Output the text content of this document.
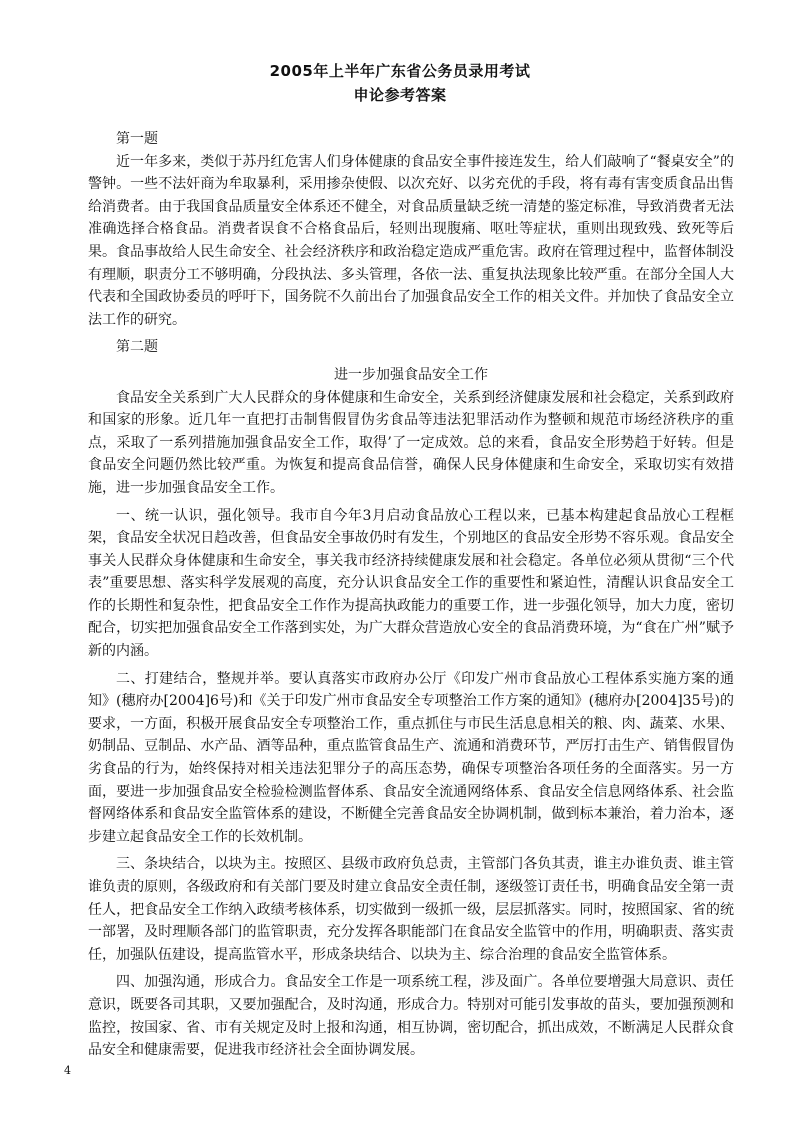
2005年上半年广东省公务员录用考试
申论参考答案

第一题

近一年多来，类似于苏丹红危害人们身体健康的食品安全事件接连发生，给人们敲响了“餐桌安全”的警钟。一些不法奸商为牟取暴利，采用掺杂使假、以次充好、以劣充优的手段，将有毒有害变质食品出售给消费者。由于我国食品质量安全体系还不健全，对食品质量缺乏统一清楚的鉴定标准，导致消费者无法准确选择合格食品。消费者误食不合格食品后，轻则出现腹痛、呕吐等症状，重则出现致残、致死等后果。食品事故给人民生命安全、社会经济秩序和政治稳定造成严重危害。政府在管理过程中，监督体制没有理顺，职责分工不够明确，分段执法、多头管理，各依一法、重复执法现象比较严重。在部分全国人大代表和全国政协委员的呼吁下，国务院不久前出台了加强食品安全工作的相关文件。并加快了食品安全立法工作的研究。

第二题

进一步加强食品安全工作

食品安全关系到广大人民群众的身体健康和生命安全，关系到经济健康发展和社会稳定，关系到政府和国家的形象。近几年一直把打击制售假冒伪劣食品等违法犯罪活动作为整顿和规范市场经济秩序的重点，采取了一系列措施加强食品安全工作，取得’了一定成效。总的来看，食品安全形势趋于好转。但是食品安全问题仍然比较严重。为恢复和提高食品信誉，确保人民身体健康和生命安全，采取切实有效措施，进一步加强食品安全工作。

一、统一认识，强化领导。我市自今年3月启动食品放心工程以来，已基本构建起食品放心工程框架，食品安全状况日趋改善，但食品安全事故仍时有发生，个别地区的食品安全形势不容乐观。食品安全事关人民群众身体健康和生命安全，事关我市经济持续健康发展和社会稳定。各单位必须从贯彻“三个代表”重要思想、落实科学发展观的高度，充分认识食品安全工作的重要性和紧迫性，清醒认识食品安全工作的长期性和复杂性，把食品安全工作作为提高执政能力的重要工作，进一步强化领导，加大力度，密切配合，切实把加强食品安全工作落到实处，为广大群众营造放心安全的食品消费环境，为“食在广州”赋予新的内涵。

二、打建结合，整规并举。要认真落实市政府办公厅《印发广州市食品放心工程体系实施方案的通知》(穗府办[2004]6号)和《关于印发广州市食品安全专项整治工作方案的通知》(穗府办[2004]35号)的要求，一方面，积极开展食品安全专项整治工作，重点抓住与市民生活息息相关的粮、肉、蔬菜、水果、奶制品、豆制品、水产品、酒等品种，重点监管食品生产、流通和消费环节，严厉打击生产、销售假冒伪劣食品的行为，始终保持对相关违法犯罪分子的高压态势，确保专项整治各项任务的全面落实。另一方面，要进一步加强食品安全检验检测监督体系、食品安全流通网络体系、食品安全信息网络体系、社会监督网络体系和食品安全监管体系的建设，不断健全完善食品安全协调机制，做到标本兼治，着力治本，逐步建立起食品安全工作的长效机制。

三、条块结合，以块为主。按照区、县级市政府负总责，主管部门各负其责，谁主办谁负责、谁主管谁负责的原则，各级政府和有关部门要及时建立食品安全责任制，逐级签订责任书，明确食品安全第一责任人，把食品安全工作纳入政绩考核体系，切实做到一级抓一级，层层抓落实。同时，按照国家、省的统一部署，及时理顺各部门的监管职责，充分发挥各职能部门在食品安全监管中的作用，明确职责、落实责任，加强队伍建设，提高监管水平，形成条块结合、以块为主、综合治理的食品安全监管体系。

四、加强沟通，形成合力。食品安全工作是一项系统工程，涉及面广。各单位要增强大局意识、责任意识，既要各司其职，又要加强配合，及时沟通，形成合力。特别对可能引发事故的苗头，要加强预测和监控，按国家、省、市有关规定及时上报和沟通，相互协调，密切配合，抓出成效，不断满足人民群众食品安全和健康需要，促进我市经济社会全面协调发展。

4
